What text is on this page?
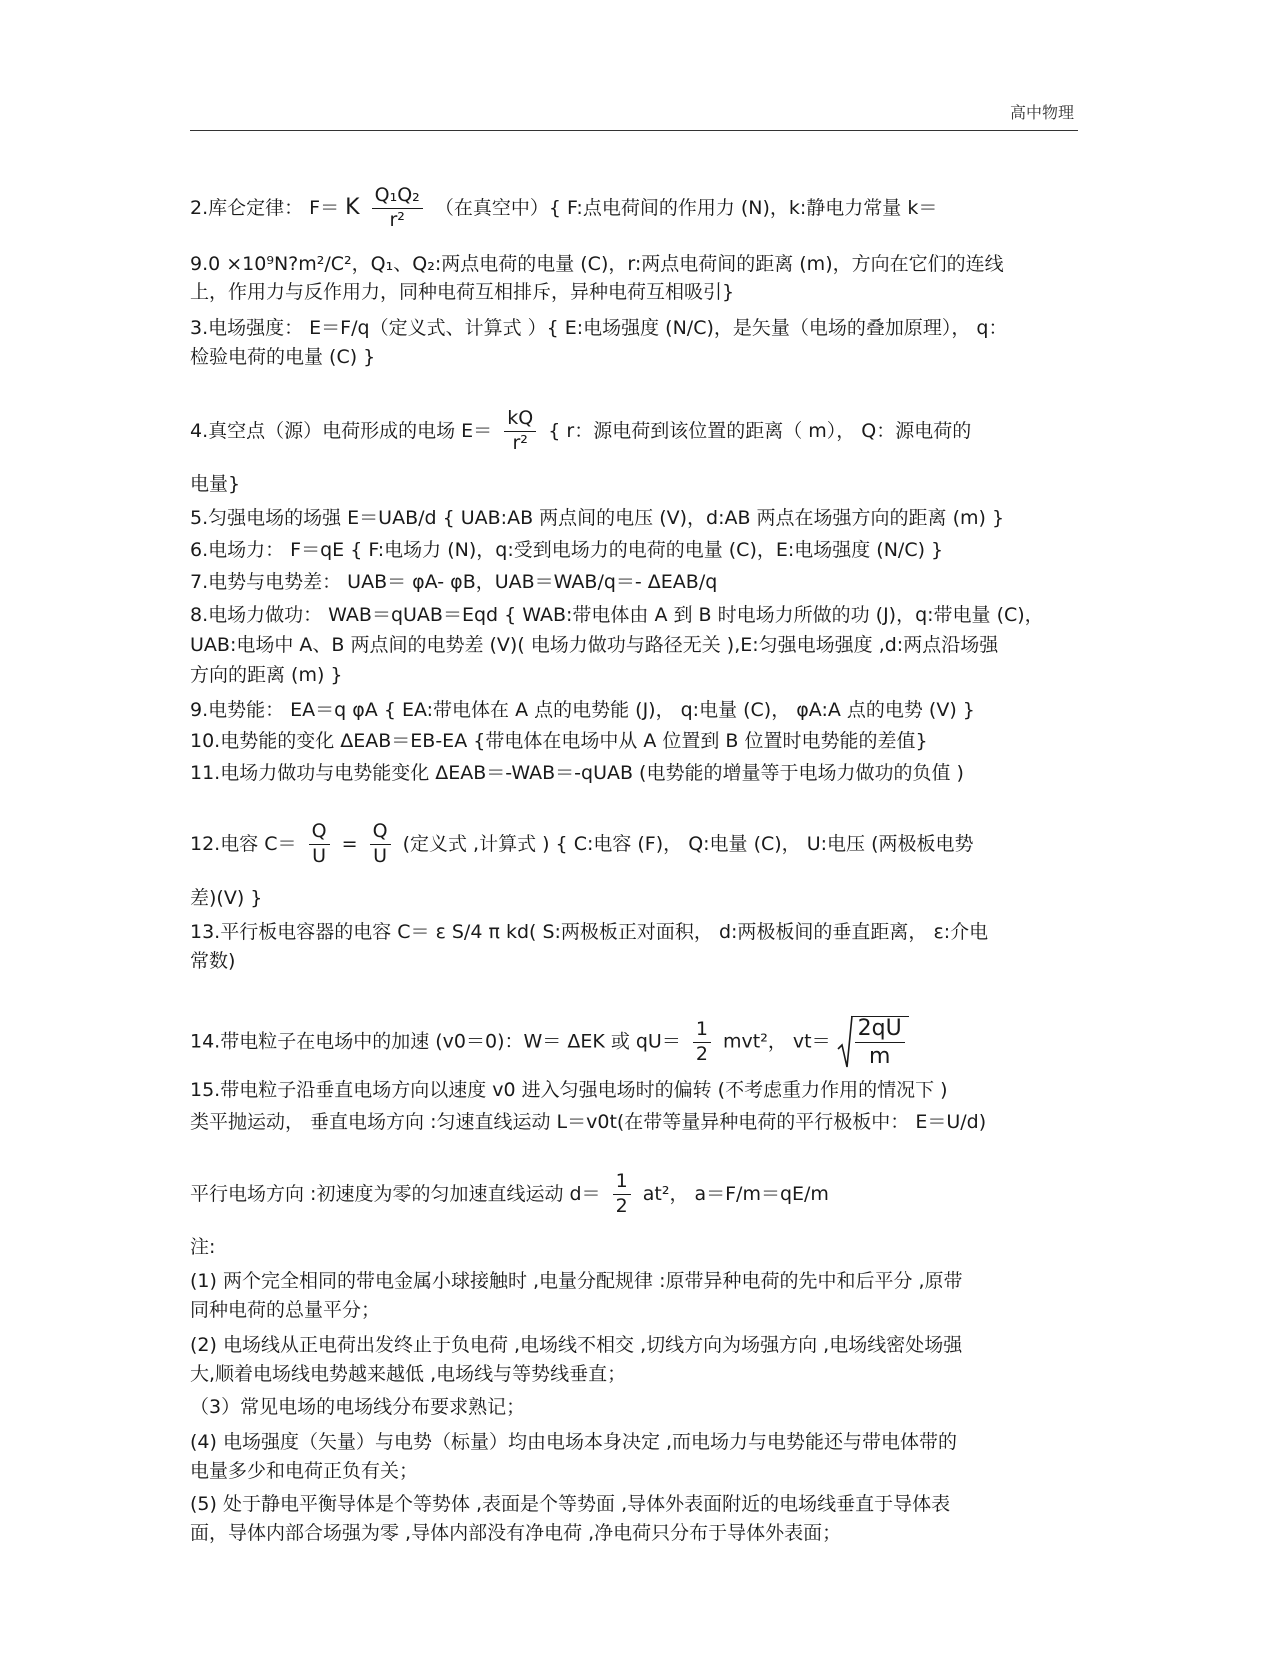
高中物理
2.库仑定律： F＝ K $\frac{\text{Q₁Q₂}}{\text{r²}}$ （在真空中）{ F:点电荷间的作用力 (N)，k:静电力常量 k＝
9.0 ×10⁹N?m²/C²，Q₁、Q₂:两点电荷的电量 (C)，r:两点电荷间的距离 (m)，方向在它们的连线
上，作用力与反作用力，同种电荷互相排斥，异种电荷互相吸引}
3.电场强度： E＝F/q（定义式、计算式 ）{ E:电场强度 (N/C)，是矢量（电场的叠加原理）， q：
检验电荷的电量 (C) }
4.真空点（源）电荷形成的电场 $E= \frac{kQ}{\text{r²}}$ { r：源电荷到该位置的距离（ m）， Q：源电荷的
电量}
5.匀强电场的场强 E＝UAB/d { UAB:AB 两点间的电压 (V)，d:AB 两点在场强方向的距离 (m) }
6.电场力： F＝qE { F:电场力 (N)，q:受到电场力的电荷的电量 (C)，E:电场强度 (N/C) }
7.电势与电势差： UAB＝ φA- φB，UAB＝WAB/q＝- ΔEAB/q
8.电场力做功： WAB＝qUAB＝Eqd { WAB:带电体由 A 到 B 时电场力所做的功 (J)，q:带电量 (C)，
UAB:电场中 A、B 两点间的电势差 (V)( 电场力做功与路径无关 ),E:匀强电场强度 ,d:两点沿场强
方向的距离 (m) }
9.电势能： EA＝q φA { EA:带电体在 A 点的电势能 (J)， q:电量 (C)， φA:A 点的电势 (V) }
10.电势能的变化 ΔEAB＝EB-EA {带电体在电场中从 A 位置到 B 位置时电势能的差值}
11.电场力做功与电势能变化 ΔEAB＝-WAB＝-qUAB (电势能的增量等于电场力做功的负值 )
12.电容 $C= \frac{Q}{U} = \frac{Q}{U}$ (定义式 ,计算式 ) { C:电容 (F)， Q:电量 (C)， U:电压 (两极板电势
差)(V) }
13.平行板电容器的电容 C＝ ε S/4 π kd( S:两极板正对面积， d:两极板间的垂直距离， ε:介电
常数)
14.带电粒子在电场中的加速 (v0＝0)：W＝ ΔEK 或 $qU= \frac{1}{2} mvt^2$， $vt= \frac{2qU}{m}$
15.带电粒子沿垂直电场方向以速度 v0 进入匀强电场时的偏转 (不考虑重力作用的情况下 )
类平抛运动， 垂直电场方向 :匀速直线运动 L＝v0t(在带等量异种电荷的平行极板中： E＝U/d)
平行电场方向 :初速度为零的匀加速直线运动 $d= \frac{1}{2} at^2$， a＝F/m＝qE/m
注:
(1) 两个完全相同的带电金属小球接触时 ,电量分配规律 :原带异种电荷的先中和后平分 ,原带
同种电荷的总量平分；
(2) 电场线从正电荷出发终止于负电荷 ,电场线不相交 ,切线方向为场强方向 ,电场线密处场强
大,顺着电场线电势越来越低 ,电场线与等势线垂直；
（3）常见电场的电场线分布要求熟记；
(4) 电场强度（矢量）与电势（标量）均由电场本身决定 ,而电场力与电势能还与带电体带的
电量多少和电荷正负有关；
(5) 处于静电平衡导体是个等势体 ,表面是个等势面 ,导体外表面附近的电场线垂直于导体表
面，导体内部合场强为零 ,导体内部没有净电荷 ,净电荷只分布于导体外表面；
